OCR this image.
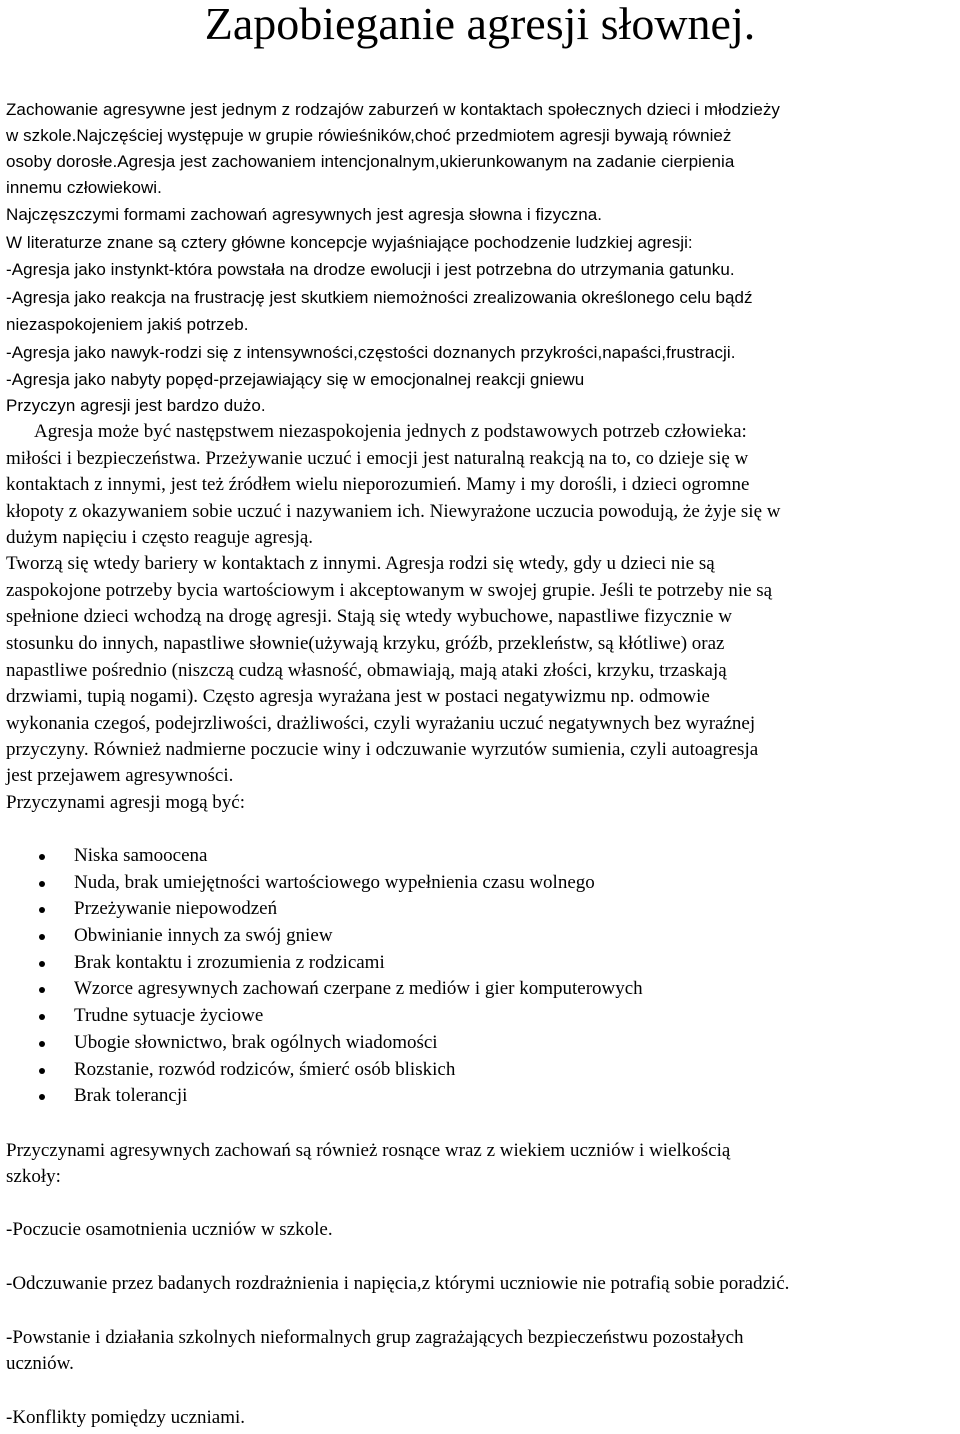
Zapobieganie agresji słownej.
Zachowanie agresywne jest jednym z rodzajów zaburzeń w kontaktach społecznych dzieci i młodzieży
w szkole.Najczęściej występuje w grupie rówieśników,choć przedmiotem agresji bywają również
osoby dorosłe.Agresja jest zachowaniem intencjonalnym,ukierunkowanym na zadanie cierpienia
innemu człowiekowi.
Najczęszczymi formami zachowań agresywnych jest agresja słowna i fizyczna.
W literaturze znane są cztery główne koncepcje wyjaśniające pochodzenie ludzkiej agresji:
-Agresja jako instynkt-która powstała na drodze ewolucji i jest potrzebna do utrzymania gatunku.
-Agresja jako reakcja na frustrację jest skutkiem niemożności zrealizowania określonego celu bądź
niezaspokojeniem jakiś potrzeb.
-Agresja jako nawyk-rodzi się z intensywności,częstości doznanych przykrości,napaści,frustracji.
-Agresja jako nabyty popęd-przejawiający się w emocjonalnej reakcji gniewu
Przyczyn agresji jest bardzo dużo.
Agresja może być następstwem niezaspokojenia jednych z podstawowych potrzeb człowieka:
miłości i bezpieczeństwa. Przeżywanie uczuć i emocji jest naturalną reakcją na to, co dzieje się w
kontaktach z innymi, jest też źródłem wielu nieporozumień. Mamy i my dorośli, i dzieci ogromne
kłopoty z okazywaniem sobie uczuć i nazywaniem ich. Niewyrażone uczucia powodują, że żyje się w
dużym napięciu i często reaguje agresją.
Tworzą się wtedy bariery w kontaktach z innymi. Agresja rodzi się wtedy, gdy u dzieci nie są
zaspokojone potrzeby bycia wartościowym i akceptowanym w swojej grupie. Jeśli te potrzeby nie są
spełnione dzieci wchodzą na drogę agresji. Stają się wtedy wybuchowe, napastliwe fizycznie w
stosunku do innych, napastliwe słownie(używają krzyku, gróźb, przekleństw, są kłótliwe) oraz
napastliwe pośrednio (niszczą cudzą własność, obmawiają, mają ataki złości, krzyku, trzaskają
drzwiami, tupią nogami). Często agresja wyrażana jest w postaci negatywizmu np. odmowie
wykonania czegoś, podejrzliwości, drażliwości, czyli wyrażaniu uczuć negatywnych bez wyraźnej
przyczyny. Również nadmierne poczucie winy i odczuwanie wyrzutów sumienia, czyli autoagresja
jest przejawem agresywności.
Przyczynami agresji mogą być:
Niska samoocena
Nuda, brak umiejętności wartościowego wypełnienia czasu wolnego
Przeżywanie niepowodzeń
Obwinianie innych za swój gniew
Brak kontaktu i zrozumienia z rodzicami
Wzorce agresywnych zachowań czerpane z mediów i gier komputerowych
Trudne sytuacje życiowe
Ubogie słownictwo, brak ogólnych wiadomości
Rozstanie, rozwód rodziców, śmierć osób bliskich
Brak tolerancji
Przyczynami agresywnych zachowań są również rosnące wraz z wiekiem uczniów i wielkością
szkoły:
-Poczucie osamotnienia uczniów w szkole.
-Odczuwanie przez badanych rozdrażnienia i napięcia,z którymi uczniowie nie potrafią sobie poradzić.
-Powstanie i działania szkolnych nieformalnych grup zagrażających bezpieczeństwu pozostałych
uczniów.
-Konflikty pomiędzy uczniami.
